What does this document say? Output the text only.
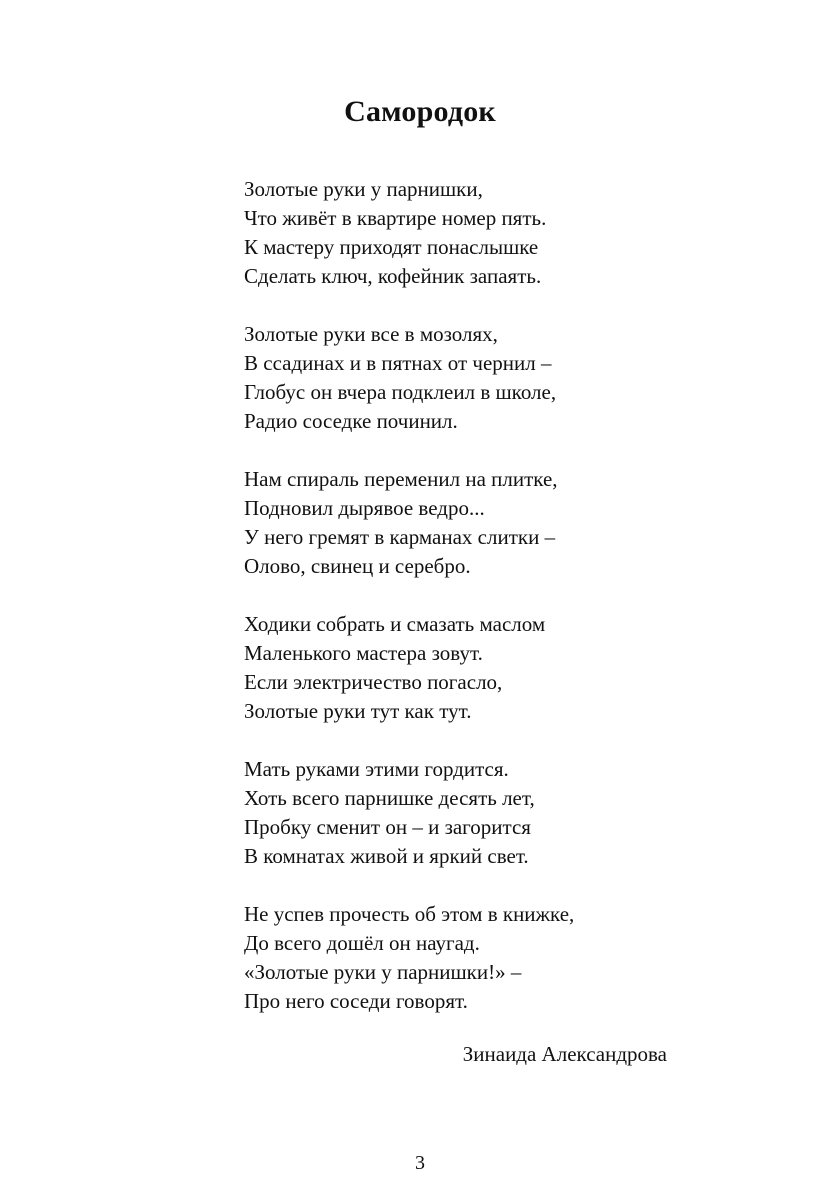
Самородок
Золотые руки у парнишки,
Что живёт в квартире номер пять.
К мастеру приходят понаслышке
Сделать ключ, кофейник запаять.
Золотые руки все в мозолях,
В ссадинах и в пятнах от чернил –
Глобус он вчера подклеил в школе,
Радио соседке починил.
Нам спираль переменил на плитке,
Подновил дырявое ведро...
У него гремят в карманах слитки –
Олово, свинец и серебро.
Ходики собрать и смазать маслом
Маленького мастера зовут.
Если электричество погасло,
Золотые руки тут как тут.
Мать руками этими гордится.
Хоть всего парнишке десять лет,
Пробку сменит он – и загорится
В комнатах живой и яркий свет.
Не успев прочесть об этом в книжке,
До всего дошёл он наугад.
«Золотые руки у парнишки!» –
Про него соседи говорят.
Зинаида Александрова
3
